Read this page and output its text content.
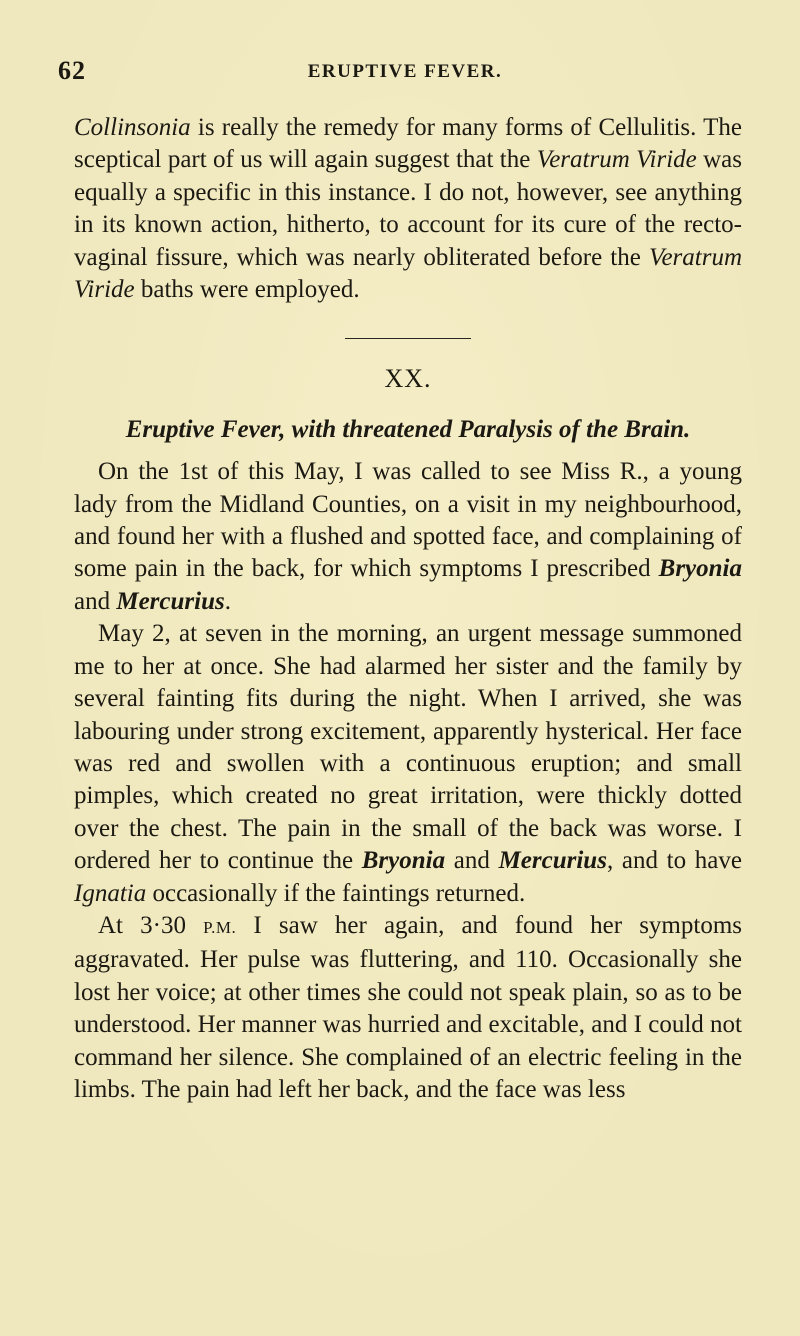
62	ERUPTIVE FEVER.

Collinsonia is really the remedy for many forms of Cellulitis. The sceptical part of us will again suggest that the Veratrum Viride was equally a specific in this instance. I do not, however, see anything in its known action, hitherto, to account for its cure of the recto-vaginal fissure, which was nearly obliterated before the Veratrum Viride baths were employed.

XX.
Eruptive Fever, with threatened Paralysis of the Brain.

On the 1st of this May, I was called to see Miss R., a young lady from the Midland Counties, on a visit in my neighbourhood, and found her with a flushed and spotted face, and complaining of some pain in the back, for which symptoms I prescribed Bryonia and Mercurius.

May 2, at seven in the morning, an urgent message summoned me to her at once. She had alarmed her sister and the family by several fainting fits during the night. When I arrived, she was labouring under strong excitement, apparently hysterical. Her face was red and swollen with a continuous eruption; and small pimples, which created no great irritation, were thickly dotted over the chest. The pain in the small of the back was worse. I ordered her to continue the Bryonia and Mercurius, and to have Ignatia occasionally if the faintings returned.

At 3·30 P.M. I saw her again, and found her symptoms aggravated. Her pulse was fluttering, and 110. Occasionally she lost her voice; at other times she could not speak plain, so as to be understood. Her manner was hurried and excitable, and I could not command her silence. She complained of an electric feeling in the limbs. The pain had left her back, and the face was less
